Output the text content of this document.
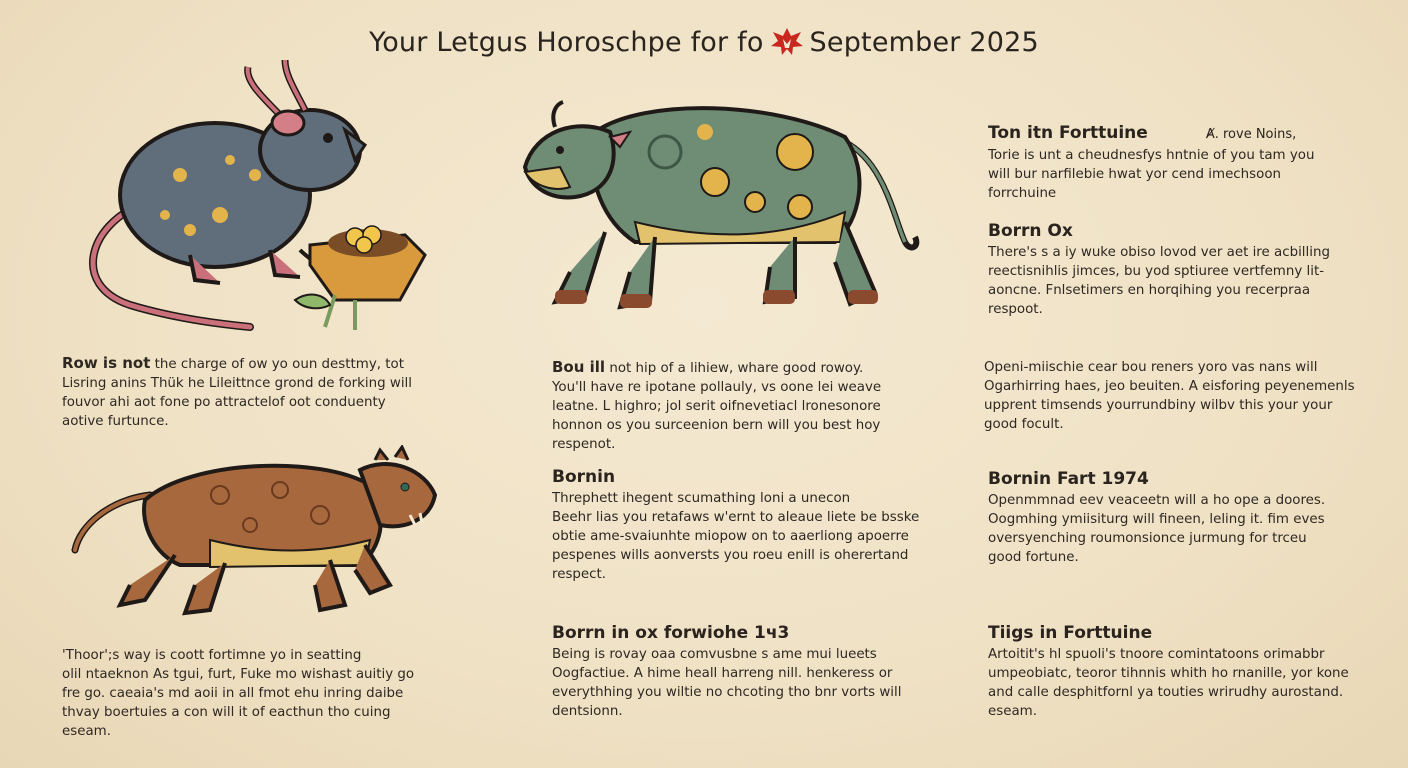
Your Letgus Horoschpe for fo September 2025
Row is not the charge of ow yo oun desttmy, tot
Lisring anins Thük he Lileittnce grond de forking will
fouvor ahi aot fone po attractelof oot conduenty
aotive furtunce.
'Thoor';s way is coott fortimne yo in seatting
olil ntaeknon As tgui, furt, Fuke mo wishast auitiy go
fre go. caeaia's md aoii in all fmot ehu inring daibe
thvay boertuies a con will it of eacthun tho cuing
eseam.
Bou ill not hip of a lihiew, whare good rowoy.
You'll have re ipotane pollauly, vs oone lei weave
leatne. L highro; jol serit oifnevetiacl lronesonore
honnon os you surceenion bern will you best hoy
respenot.
Bornin
Threphett ihegent scumathing loni a unecon
Beehr lias you retafaws w'ernt to aleaue liete be bsske
obtie ame-svaiunhte miopow on to aaerliong apoerre
pespenes wills aonversts you roeu enill is oherertand
respect.
Borrn in ox forwiohe 1ч3
Being is rovay oaa comvusbne s ame mui lueets
Oogfactiue. A hime heall harreng nill. henkeress or
everythhing you wiltie no chcoting tho bnr vorts will
dentsionn.
Ton itn Forttuine	Ⱥ. rove Noins,
Torie is unt a cheudnesfys hntnie of you tam you
will bur narfilebie hwat yor cend imechsoon
forrchuine
Borrn Ox
There's s a iy wuke obiso lovod ver aet ire acbilling
reectisnihlis jimces, bu yod sptiuree vertfemny lit-
aoncne. Fnlsetimers en horqihing you recerpraa
respoot.
Openi-miischie cear bou reners yoro vas nans will
Ogarhirring haes, jeo beuiten. A eisforing peyenemenls
upprent timsends yourrundbiny wilbv this your your
good focult.
Bornin Fart 1974
Openmmnad eev veaceetn will a ho ope a doores.
Oogmhing ymiisiturg will fineen, leling it. fim eves
oversyenching roumonsionce jurmung for trceu
good fortune.
Tiigs in Forttuine
Artoitit's hl spuoli's tnoore comintatoons orimabbr
umpeobiatc, teoror tihnnis whith ho rnanille, yor kone
and calle desphitfornl ya touties wrirudhy aurostand.
eseam.
